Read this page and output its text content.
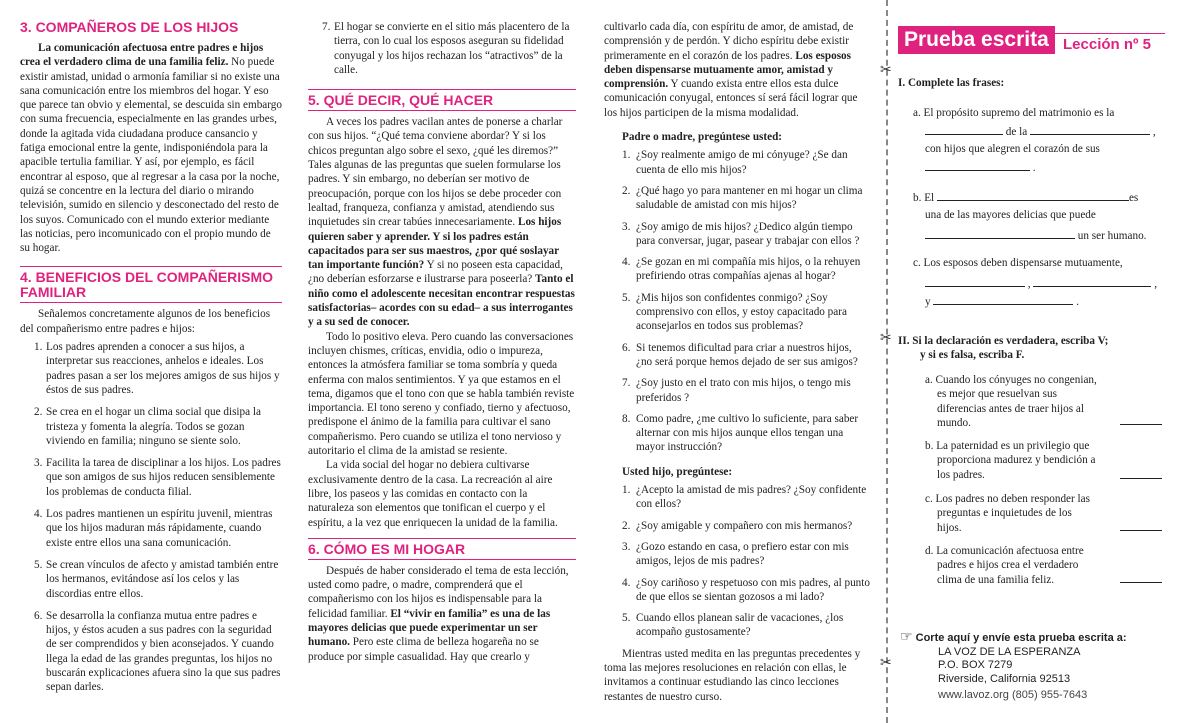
3. COMPAÑEROS DE LOS HIJOS

La comunicación afectuosa entre padres e hijos crea el verdadero clima de una familia feliz. No puede existir amistad, unidad o armonía familiar si no existe una sana comunicación entre los miembros del hogar. Y eso que parece tan obvio y elemental, se descuida sin embargo con suma frecuencia, especialmente en las grandes urbes, donde la agitada vida ciudadana produce cansancio y fatiga emocional entre la gente, indisponiéndola para la apacible tertulia familiar. Y así, por ejemplo, es fácil encontrar al esposo, que al regresar a la casa por la noche, quizá se concentre en la lectura del diario o mirando televisión, sumido en silencio y desconectado del resto de los suyos. Comunicado con el mundo exterior mediante las noticias, pero incomunicado con el propio mundo de su hogar.

4. BENEFICIOS DEL COMPAÑERISMO FAMILIAR

Señalemos concretamente algunos de los beneficios del compañerismo entre padres e hijos:

1. Los padres aprenden a conocer a sus hijos, a interpretar sus reacciones, anhelos e ideales. Los padres pasan a ser los mejores amigos de sus hijos y éstos de sus padres.
2. Se crea en el hogar un clima social que disipa la tristeza y fomenta la alegría. Todos se gozan viviendo en familia; ninguno se siente solo.
3. Facilita la tarea de disciplinar a los hijos. Los padres que son amigos de sus hijos reducen sensiblemente los problemas de conducta filial.
4. Los padres mantienen un espíritu juvenil, mientras que los hijos maduran más rápidamente, cuando existe entre ellos una sana comunicación.
5. Se crean vínculos de afecto y amistad también entre los hermanos, evitándose así los celos y las discordias entre ellos.
6. Se desarrolla la confianza mutua entre padres e hijos, y éstos acuden a sus padres con la seguridad de ser comprendidos y bien aconsejados. Y cuando llega la edad de las grandes preguntas, los hijos no buscarán explicaciones afuera sino la que sus padres sepan darles.
7. El hogar se convierte en el sitio más placentero de la tierra, con lo cual los esposos aseguran su fidelidad conyugal y los hijos rechazan los “atractivos” de la calle.
5. QUÉ DECIR, QUÉ HACER

A veces los padres vacilan antes de ponerse a charlar con sus hijos. “¿Qué tema conviene abordar? Y si los chicos preguntan algo sobre el sexo, ¿qué les diremos?” Tales algunas de las preguntas que suelen formularse los padres. Y sin embargo, no deberían ser motivo de preocupación, porque con los hijos se debe proceder con lealtad, franqueza, confianza y amistad, atendiendo sus inquietudes sin crear tabúes innecesariamente. Los hijos quieren saber y aprender. Y si los padres están capacitados para ser sus maestros, ¿por qué soslayar tan importante función? Y si no poseen esta capacidad, ¿no deberían esforzarse e ilustrarse para poseerla? Tanto el niño como el adolescente necesitan encontrar respuestas satisfactorias– acordes con su edad– a sus interrogantes y a su sed de conocer.

Todo lo positivo eleva. Pero cuando las conversaciones incluyen chismes, críticas, envidia, odio o impureza, entonces la atmósfera familiar se toma sombría y queda enferma con malos sentimientos. Y ya que estamos en el tema, digamos que el tono con que se habla también reviste importancia. El tono sereno y confiado, tierno y afectuoso, predispone el ánimo de la familia para cultivar el sano compañerismo. Pero cuando se utiliza el tono nervioso y autoritario el clima de la amistad se resiente.

La vida social del hogar no debiera cultivarse exclusivamente dentro de la casa. La recreación al aire libre, los paseos y las comidas en contacto con la naturaleza son elementos que tonifican el cuerpo y el espíritu, a la vez que enriquecen la unidad de la familia.

6. CÓMO ES MI HOGAR

Después de haber considerado el tema de esta lección, usted como padre, o madre, comprenderá que el compañerismo con los hijos es indispensable para la felicidad familiar. El “vivir en familia” es una de las mayores delicias que puede experimentar un ser humano. Pero este clima de belleza hogareña no se produce por simple casualidad. Hay que crearlo y

cultivarlo cada día, con espíritu de amor, de amistad, de comprensión y de perdón. Y dicho espíritu debe existir primeramente en el corazón de los padres. Los esposos deben dispensarse mutuamente amor, amistad y comprensión. Y cuando exista entre ellos esta dulce comunicación conyugal, entonces sí será fácil lograr que los hijos participen de la misma modalidad.

Padre o madre, pregúntese usted:
1. ¿Soy realmente amigo de mi cónyuge? ¿Se dan cuenta de ello mis hijos?
2. ¿Qué hago yo para mantener en mi hogar un clima saludable de amistad con mis hijos?
3. ¿Soy amigo de mis hijos? ¿Dedico algún tiempo para conversar, jugar, pasear y trabajar con ellos ?
4. ¿Se gozan en mi compañía mis hijos, o la rehuyen prefiriendo otras compañías ajenas al hogar?
5. ¿Mis hijos son confidentes conmigo? ¿Soy comprensivo con ellos, y estoy capacitado para aconsejarlos en todos sus problemas?
6. Si tenemos dificultad para criar a nuestros hijos, ¿no será porque hemos dejado de ser sus amigos?
7. ¿Soy justo en el trato con mis hijos, o tengo mis preferidos ?
8. Como padre, ¿me cultivo lo suficiente, para saber alternar con mis hijos aunque ellos tengan una mayor instrucción?
Usted hijo, pregúntese:
1. ¿Acepto la amistad de mis padres? ¿Soy confidente con ellos?
2. ¿Soy amigable y compañero con mis hermanos?
3. ¿Gozo estando en casa, o prefiero estar con mis amigos, lejos de mis padres?
4. ¿Soy cariñoso y respetuoso con mis padres, al punto de que ellos se sientan gozosos a mi lado?
5. Cuando ellos planean salir de vacaciones, ¿los acompaño gustosamente?

Mientras usted medita en las preguntas precedentes y toma las mejores resoluciones en relación con ellas, le invitamos a continuar estudiando las cinco lecciones restantes de nuestro curso.

✂
✂
✂
Prueba escrita Lección nº 5
I. Complete las frases:
a. El propósito supremo del matrimonio es la
de la	,
con hijos que alegren el corazón de sus
.
b. El	es
una de las mayores delicias que puede
un ser humano.
c. Los esposos deben dispensarse mutuamente,
,	,
y	.
II. Si la declaración es verdadera, escriba V;
y si es falsa, escriba F.
a. Cuando los cónyuges no congenian, es mejor que resuelvan sus diferencias antes de traer hijos al mundo.
b. La paternidad es un privilegio que proporciona madurez y bendición a los padres.
c. Los padres no deben responder las preguntas e inquietudes de los hijos.
d. La comunicación afectuosa entre padres e hijos crea el verdadero clima de una familia feliz.
☞ Corte aquí y envíe esta prueba escrita a:
LA VOZ DE LA ESPERANZA
P.O. BOX 7279
Riverside, California 92513
www.lavoz.org (805) 955-7643
